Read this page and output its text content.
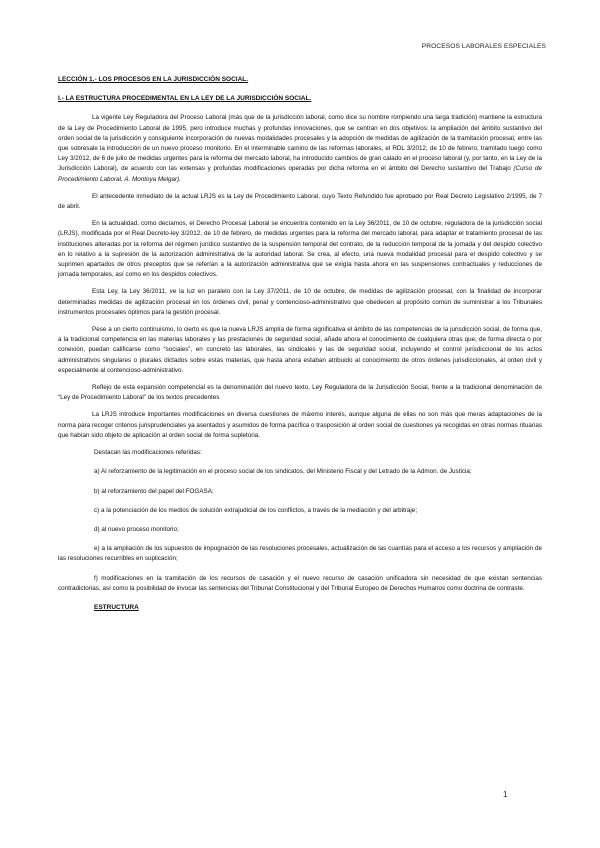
PROCESOS LABORALES ESPECIALES

LECCIÓN 1.- LOS PROCESOS EN LA JURISDICCIÓN SOCIAL.

I.- LA ESTRUCTURA PROCEDIMENTAL EN LA LEY DE LA JURISDICCIÓN SOCIAL.

La vigente Ley Reguladora del Proceso Laboral (más que de la jurisdicción laboral, como dice su nombre rompiendo una larga tradición) mantiene la estructura de la Ley de Procedimiento Laboral de 1995, pero introduce muchas y profundas innovaciones, que se centran en dos objetivos: la ampliación del ámbito sustantivo del orden social de la jurisdicción y consiguiente incorporación de nuevas modalidades procesales y la adopción de medidas de agilización de la tramitación procesal, entre las que sobresale la introducción de un nuevo proceso monitorio. En el interminable camino de las reformas laborales, el RDL 3/2012, de 10 de febrero, tramitado luego como Ley 3/2012, de 6 de julio de medidas urgentes para la reforma del mercado laboral, ha introducido cambios de gran calado en el proceso laboral (y, por tanto, en la Ley de la Jurisdicción Laboral), de acuerdo con las extensas y profundas modificaciones operadas por dicha reforma en el ámbito del Derecho sustantivo del Trabajo (Curso de Procedimiento Laboral, A. Montoya Melgar).

El antecedente inmediato de la actual LRJS es la Ley de Procedimiento Laboral, cuyo Texto Refundido fue aprobado por Real Decreto Legislativo 2/1995, de 7 de abril.

En la actualidad, como decíamos, el Derecho Procesal Laboral se encuentra contenido en la Ley 36/2011, de 10 de octubre, reguladora de la jurisdicción social (LRJS), modificada por el Real Decreto-ley 3/2012, de 10 de febrero, de medidas urgentes para la reforma del mercado laboral, para adaptar el tratamiento procesal de las instituciones alteradas por la reforma del régimen jurídico sustantivo de la suspensión temporal del contrato, de la reducción temporal de la jornada y del despido colectivo en lo relativo a la supresión de la autorización administrativa de la autoridad laboral. Se crea, al efecto, una nueva modalidad procesal para el despido colectivo y se suprimen apartados de otros preceptos que se referían a la autorización administrativa que se exigía hasta ahora en las suspensiones contractuales y reducciones de jornada temporales, así como en los despidos colectivos.

Esta Ley, la Ley 36/2011, ve la luz en paralelo con la Ley 37/2011, de 10 de octubre, de medidas de agilización procesal, con la finalidad de incorporar determinadas medidas de agilización procesal en los órdenes civil, penal y contencioso-administrativo que obedecen al propósito común de suministrar a los Tribunales instrumentos procesales óptimos para la gestión procesal.

Pese a un cierto continuismo, lo cierto es que la nueva LRJS amplía de forma significativa el ámbito de las competencias de la jurisdicción social, de forma que, a la tradicional competencia en las materias laborales y las prestaciones de seguridad social, añade ahora el conocimiento de cualquiera otras que, de forma directa o por conexión, puedan calificarse como “sociales”, en concreto las laborales, las sindicales y las de seguridad social, incluyendo el control jurisdiccional de los actos administrativos singulares o plurales dictados sobre estas materias, que hasta ahora estaban atribuido al conocimiento de otros órdenes jurisdiccionales, al orden civil y especialmente al contencioso-administrativo.

Reflejo de esta expansión competencial es la denominación del nuevo texto, Ley Reguladora de la Jurisdicción Social, frente a la tradicional denominación de “Ley de Procedimiento Laboral” de los textos precedentes

La LRJS introduce importantes modificaciones en diversa cuestiones de máximo interés, aunque alguna de ellas no son más que meras adaptaciones de la norma para recoger criterios jurisprudenciales ya asentados y asumidos de forma pacífica o trasposición al orden social de cuestiones ya recogidas en otras normas rituarias que habían sido objeto de aplicación al orden social de forma supletoria.

Destacan las modificaciones referidas:

a) Al reforzamiento de la legitimación en el proceso social de los sindicatos, del Ministerio Fiscal y del Letrado de la Admon. de Justicia;

b) al reforzamiento del papel del FOGASA;

c) a la potenciación de los medios de solución extrajudicial de los conflictos, a través de la mediación y del arbitraje;

d) al nuevo proceso monitorio;

e) a la ampliación de los supuestos de impugnación de las resoluciones procesales, actualización de las cuantías para el acceso a los recursos y ampliación de las resoluciones recurribles en suplicación;

f) modificaciones en la tramitación de los recursos de casación y el nuevo recurso de casación unificadora sin necesidad de que existan sentencias contradictorias, así como la posibilidad de invocar las sentencias del Tribunal Constitucional y del Tribunal Europeo de Derechos Humanos como doctrina de contraste.

ESTRUCTURA

1
